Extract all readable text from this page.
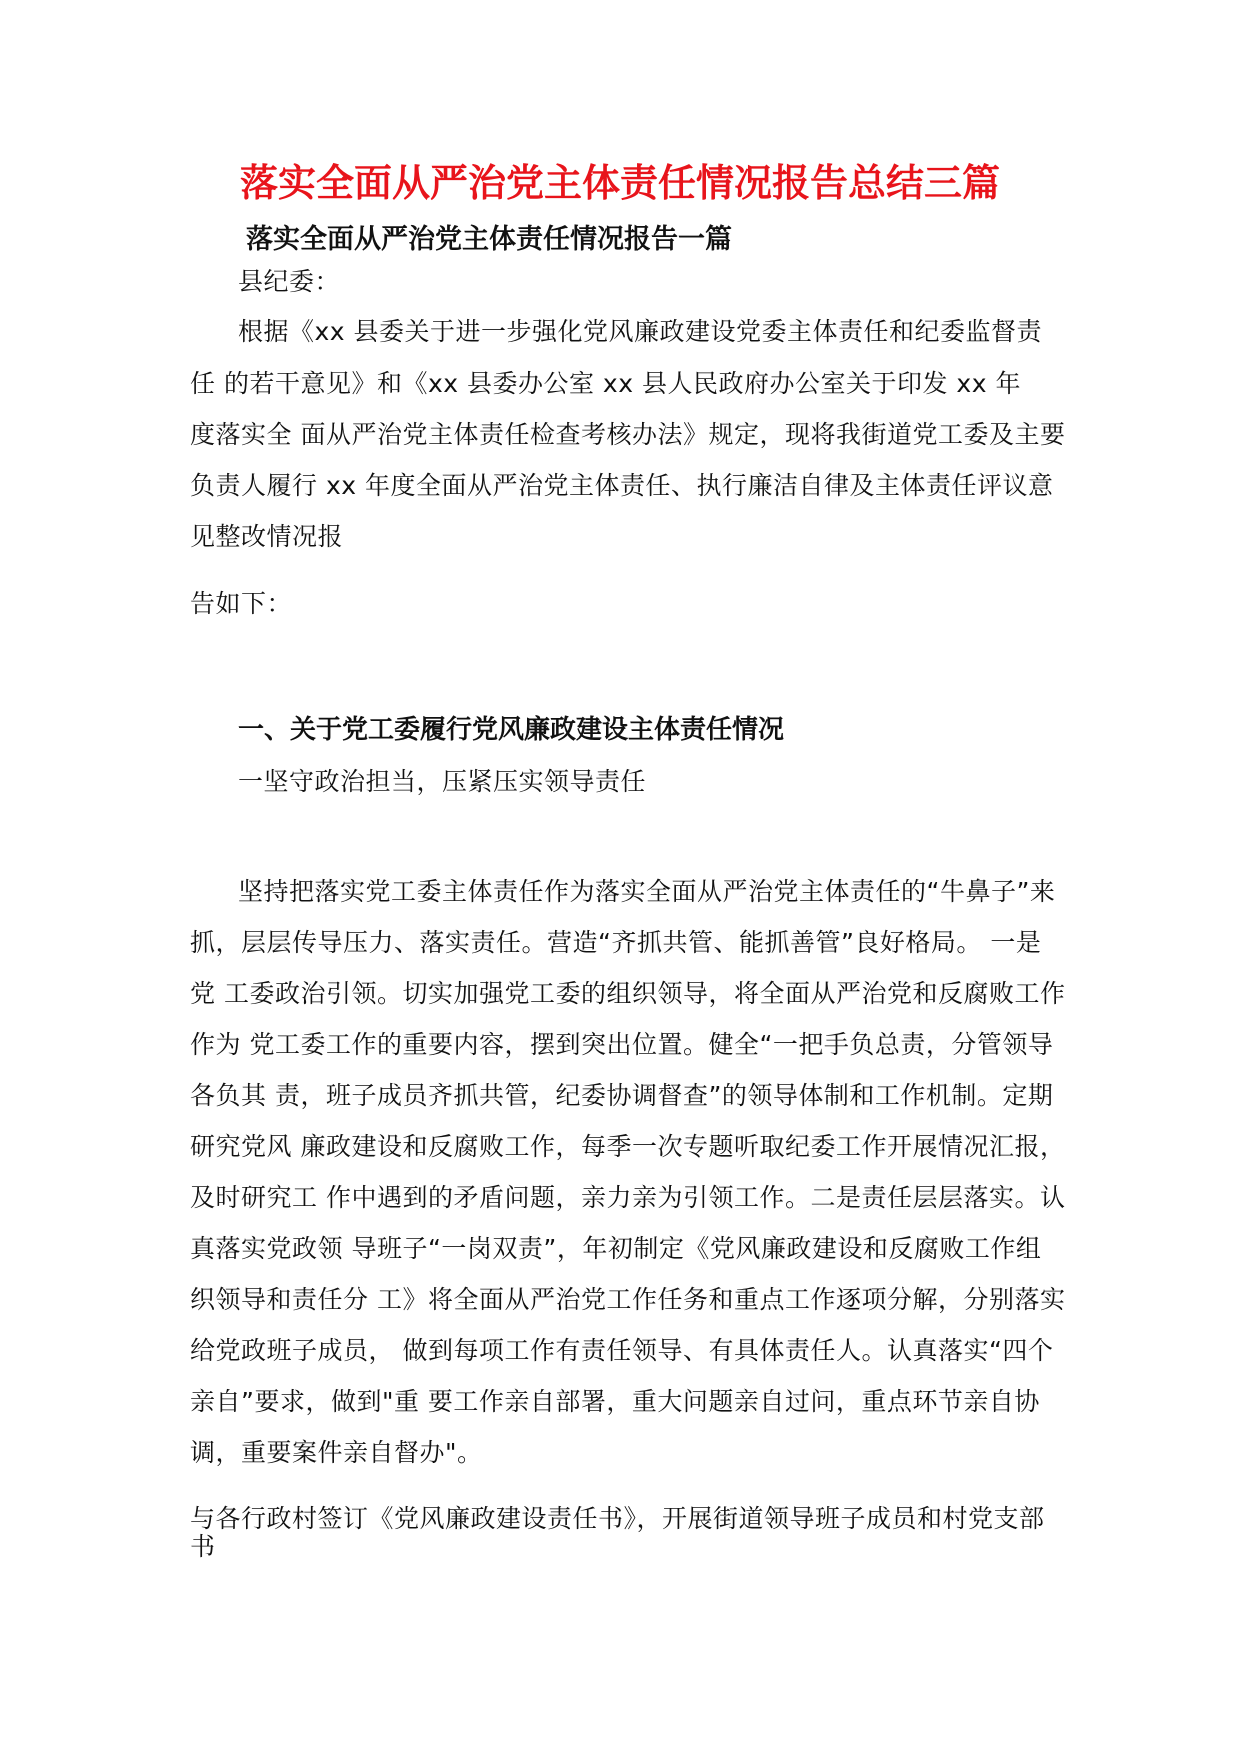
落实全面从严治党主体责任情况报告总结三篇
落实全面从严治党主体责任情况报告一篇
县纪委：
根据《xx 县委关于进一步强化党风廉政建设党委主体责任和纪委监督责
任 的若干意见》和《xx 县委办公室 xx 县人民政府办公室关于印发 xx 年
度落实全 面从严治党主体责任检查考核办法》规定，现将我街道党工委及主要
负责人履行 xx 年度全面从严治党主体责任、执行廉洁自律及主体责任评议意
见整改情况报
告如下：
一、关于党工委履行党风廉政建设主体责任情况
一坚守政治担当，压紧压实领导责任
坚持把落实党工委主体责任作为落实全面从严治党主体责任的“牛鼻子”来
抓，层层传导压力、落实责任。营造“齐抓共管、能抓善管”良好格局。 一是
党 工委政治引领。切实加强党工委的组织领导，将全面从严治党和反腐败工作
作为 党工委工作的重要内容，摆到突出位置。健全“一把手负总责，分管领导
各负其 责，班子成员齐抓共管，纪委协调督查”的领导体制和工作机制。定期
研究党风 廉政建设和反腐败工作，每季一次专题听取纪委工作开展情况汇报，
及时研究工 作中遇到的矛盾问题，亲力亲为引领工作。二是责任层层落实。认
真落实党政领 导班子“一岗双责”，年初制定《党风廉政建设和反腐败工作组
织领导和责任分 工》将全面从严治党工作任务和重点工作逐项分解，分别落实
给党政班子成员， 做到每项工作有责任领导、有具体责任人。认真落实“四个
亲自”要求，做到"重 要工作亲自部署，重大问题亲自过问，重点环节亲自协
调，重要案件亲自督办"。
与各行政村签订《党风廉政建设责任书》，开展街道领导班子成员和村党支部
书
